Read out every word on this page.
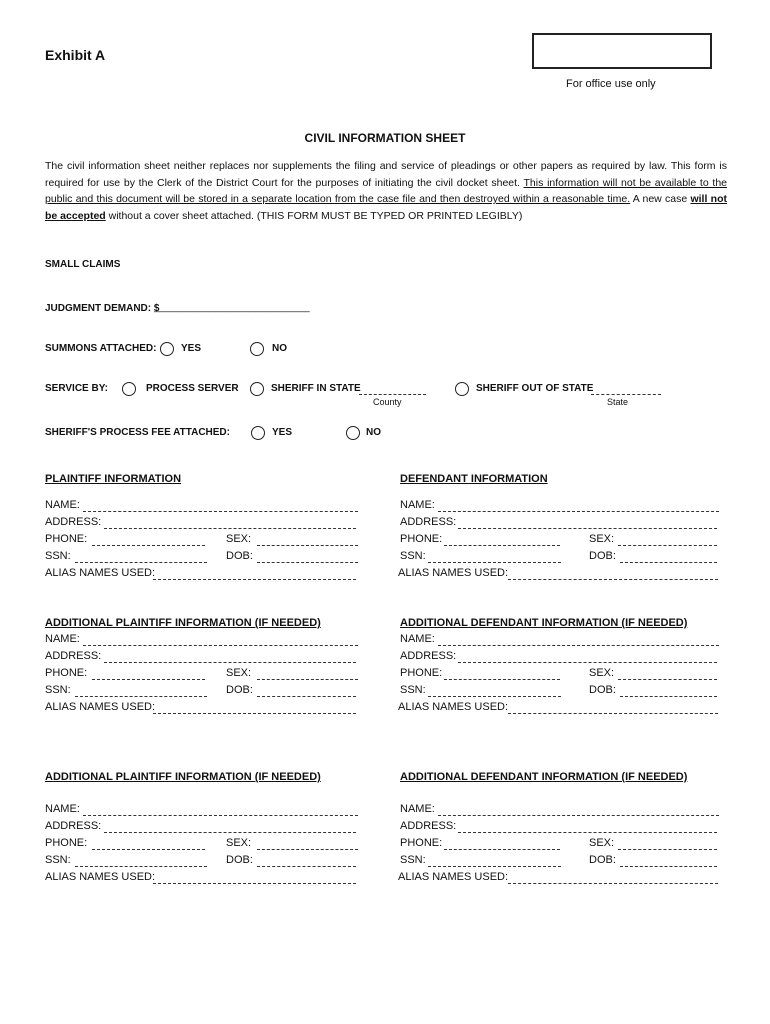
Exhibit A
For office use only
CIVIL INFORMATION SHEET
The civil information sheet neither replaces nor supplements the filing and service of pleadings or other papers as required by law. This form is required for use by the Clerk of the District Court for the purposes of initiating the civil docket sheet. This information will not be available to the public and this document will be stored in a separate location from the case file and then destroyed within a reasonable time. A new case will not be accepted without a cover sheet attached. (THIS FORM MUST BE TYPED OR PRINTED LEGIBLY)
SMALL CLAIMS
JUDGMENT DEMAND: $
____________________________
SUMMONS ATTACHED: YES	NO
SERVICE BY:	PROCESS SERVER	SHERIFF IN STATE
County
SHERIFF OUT OF STATE
State
SHERIFF'S PROCESS FEE ATTACHED:	YES	NO
PLAINTIFF INFORMATION
NAME:
ADDRESS:
PHONE:	SEX:
SSN:	DOB:
ALIAS NAMES USED:
DEFENDANT INFORMATION
NAME:
ADDRESS:
PHONE:	SEX:
SSN:	DOB:
ALIAS NAMES USED:
ADDITIONAL PLAINTIFF INFORMATION (IF NEEDED)
NAME:
ADDRESS:
PHONE:	SEX:
SSN:	DOB:
ALIAS NAMES USED:
ADDITIONAL DEFENDANT INFORMATION (IF NEEDED)
NAME:
ADDRESS:
PHONE:	SEX:
SSN:	DOB:
ALIAS NAMES USED:
ADDITIONAL PLAINTIFF INFORMATION (IF NEEDED)
NAME:
ADDRESS:
PHONE:	SEX:
SSN:	DOB:
ALIAS NAMES USED:
ADDITIONAL DEFENDANT INFORMATION (IF NEEDED)
NAME:
ADDRESS:
PHONE:	SEX:
SSN:	DOB:
ALIAS NAMES USED:
